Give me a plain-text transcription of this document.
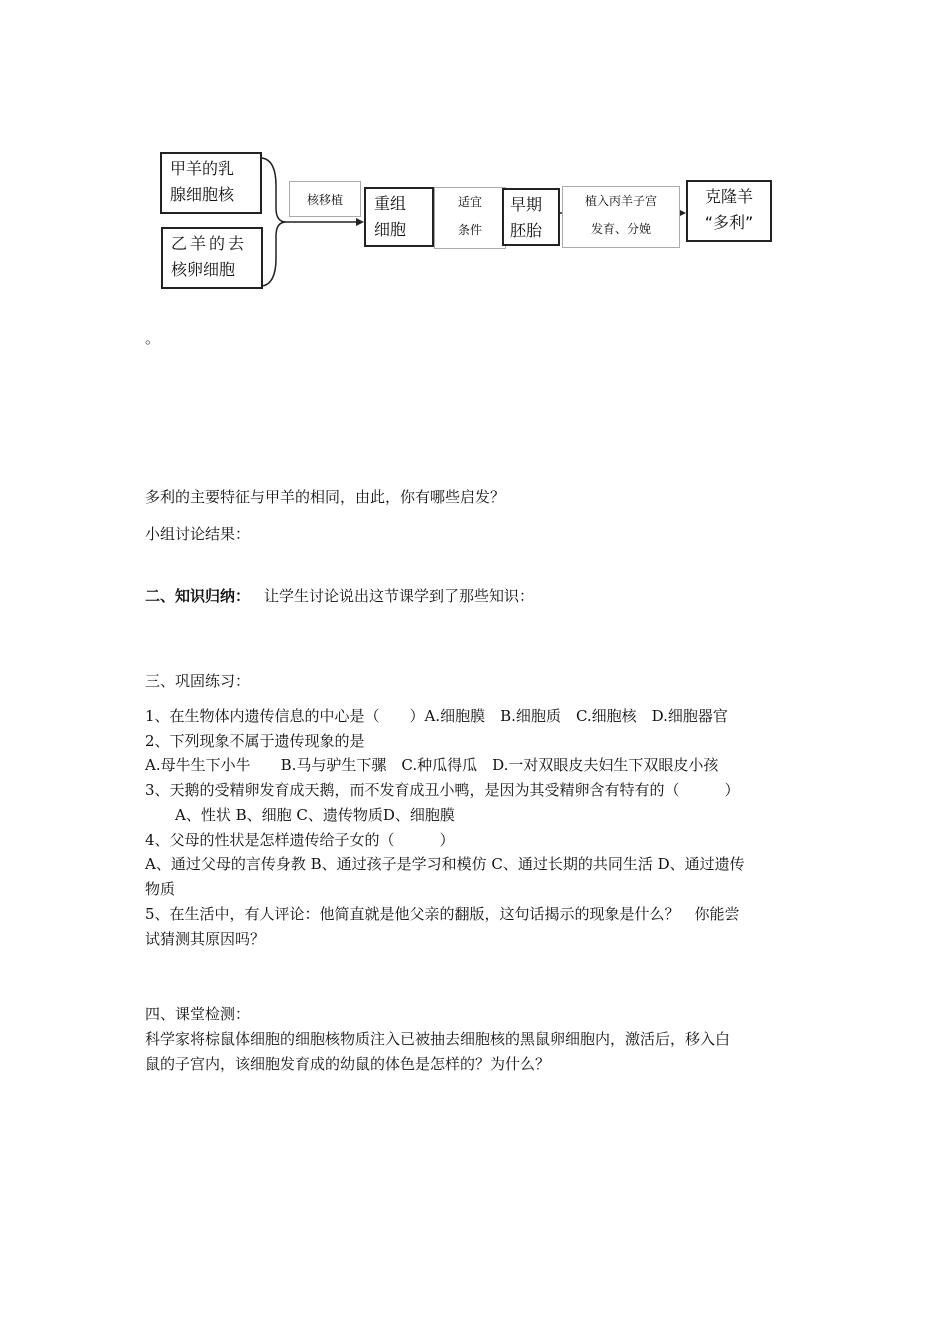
甲羊的乳
腺细胞核
乙羊的去
核卵细胞
核移植	重组
细胞
适宜
条件
早期
胚胎
植入丙羊子宫
发育、分娩
克隆羊
“多利”
。
多利的主要特征与甲羊的相同，由此，你有哪些启发？
小组讨论结果：
二、知识归纳： 让学生讨论说出这节课学到了那些知识：
三、巩固练习：
1、在生物体内遗传信息的中心是（　　）A.细胞膜　B.细胞质　C.细胞核　D.细胞器官
2、下列现象不属于遗传现象的是
A.母牛生下小牛　　B.马与驴生下骡　C.种瓜得瓜　D.一对双眼皮夫妇生下双眼皮小孩
3、天鹅的受精卵发育成天鹅，而不发育成丑小鸭，是因为其受精卵含有特有的（　　　）
　　A、性状 B、细胞 C、遗传物质D、细胞膜
4、父母的性状是怎样遗传给子女的（　　　）
A、通过父母的言传身教 B、通过孩子是学习和模仿 C、通过长期的共同生活 D、通过遗传
物质
5、在生活中，有人评论：他简直就是他父亲的翻版，这句话揭示的现象是什么？　你能尝
试猜测其原因吗？
四、课堂检测：
科学家将棕鼠体细胞的细胞核物质注入已被抽去细胞核的黑鼠卵细胞内，激活后，移入白
鼠的子宫内，该细胞发育成的幼鼠的体色是怎样的？为什么？
